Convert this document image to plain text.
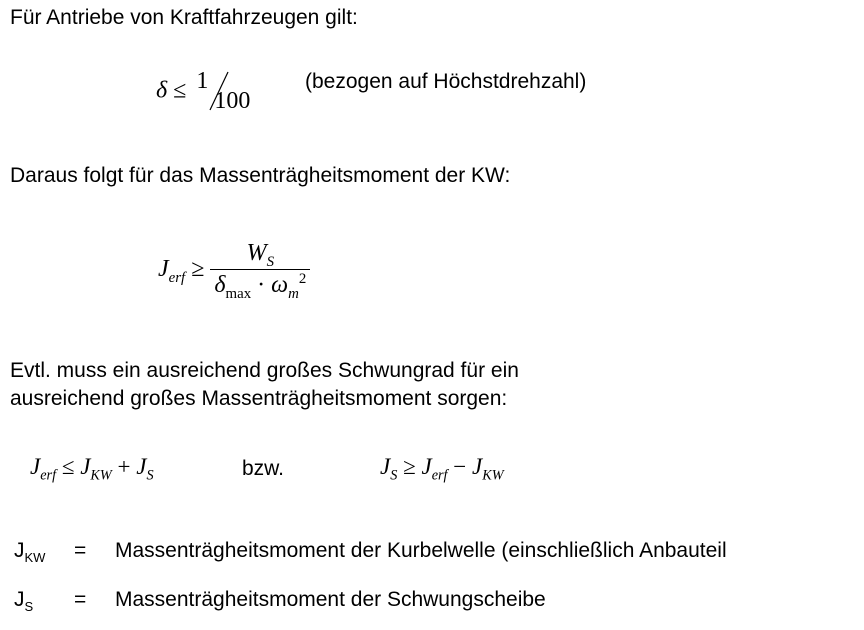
Für Antriebe von Kraftfahrzeugen gilt:
δ ≤ 1
100
(bezogen auf Höchstdrehzahl)
Daraus folgt für das Massenträgheitsmoment der KW:
$J_{erf} \ge \frac{W_S}{\delta_{max} \cdot \omega_m^2}$
Evtl. muss ein ausreichend großes Schwungrad für ein
ausreichend großes Massenträgheitsmoment sorgen:
$J_{erf} \le J_{KW} + J_S$	bzw.	$J_S \ge J_{erf} - J_{KW}$
$J_{KW}$ = Massenträgheitsmoment der Kurbelwelle (einschließlich Anbauteil
$J_S$ = Massenträgheitsmoment der Schwungscheibe
